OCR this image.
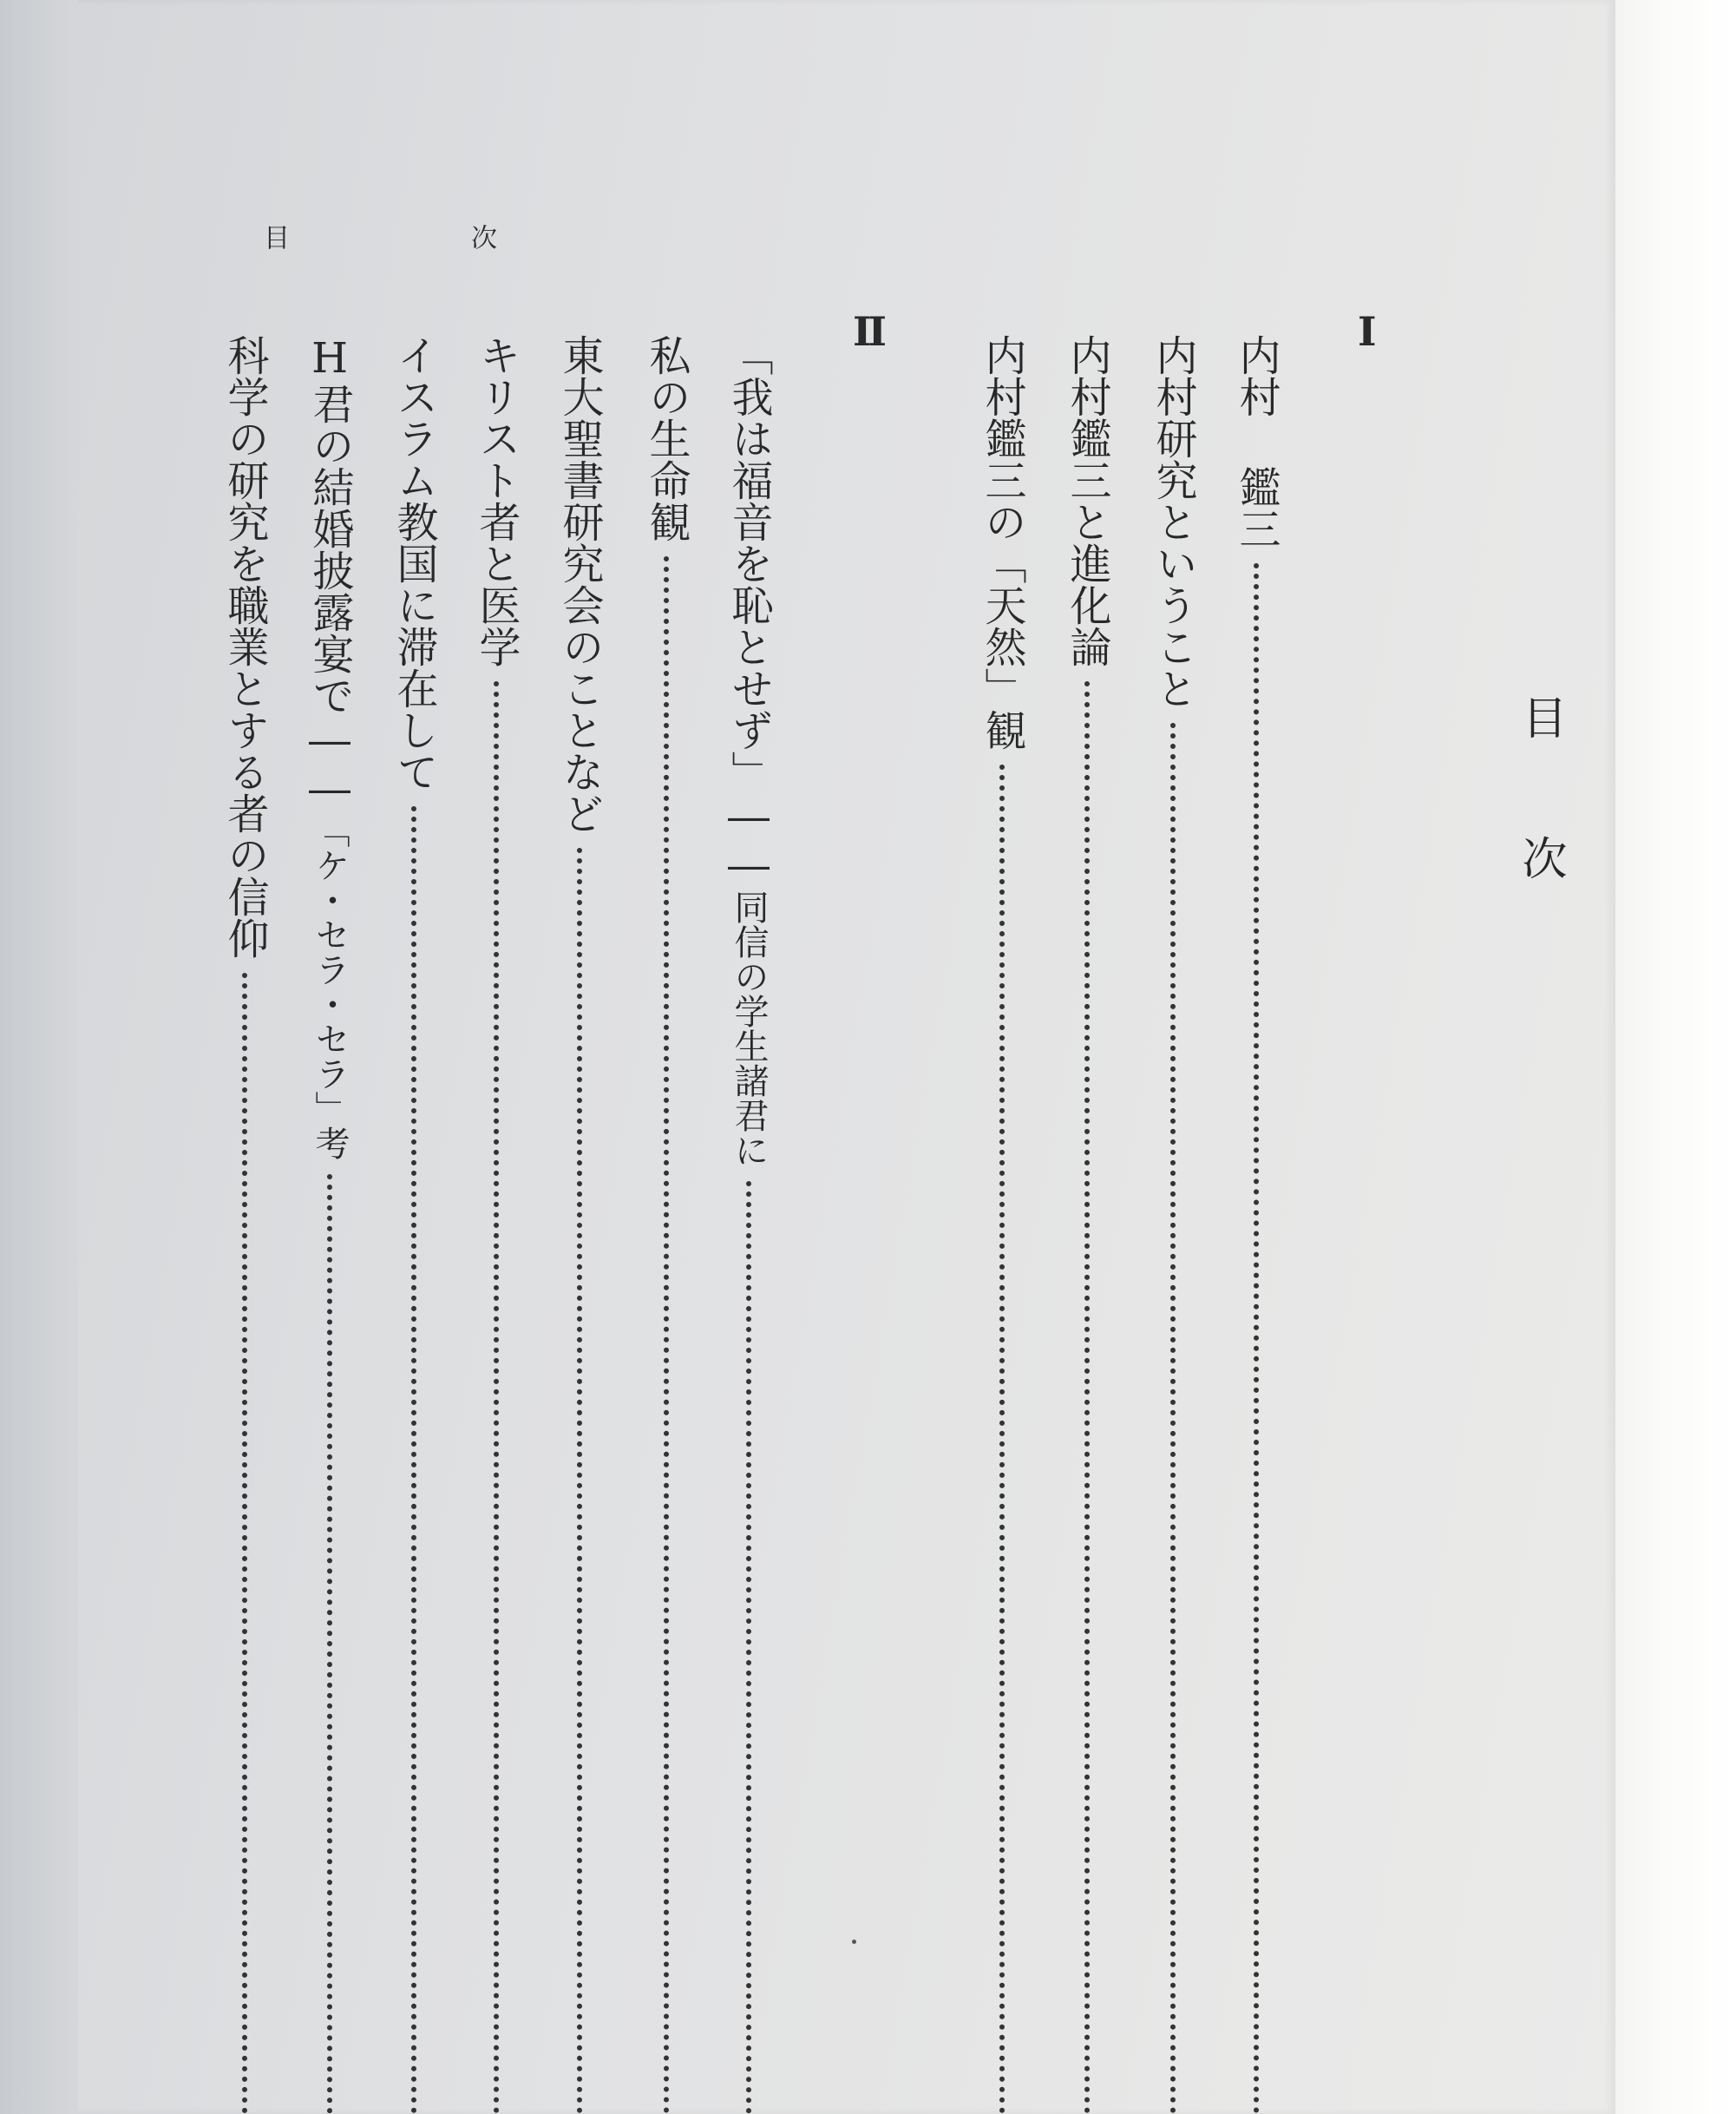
目次
目	次
I
II
内村 鑑三
内村研究ということ
内村鑑三と進化論
内村鑑三の「天然」観
「我は福音を恥とせず」――
同信の学生諸君に
私の生命観
東大聖書研究会のことなど
キリスト者と医学
イスラム教国に滞在して
H君の結婚披露宴で――
「ケ・セラ・セラ」考
科学の研究を職業とする者の信仰
